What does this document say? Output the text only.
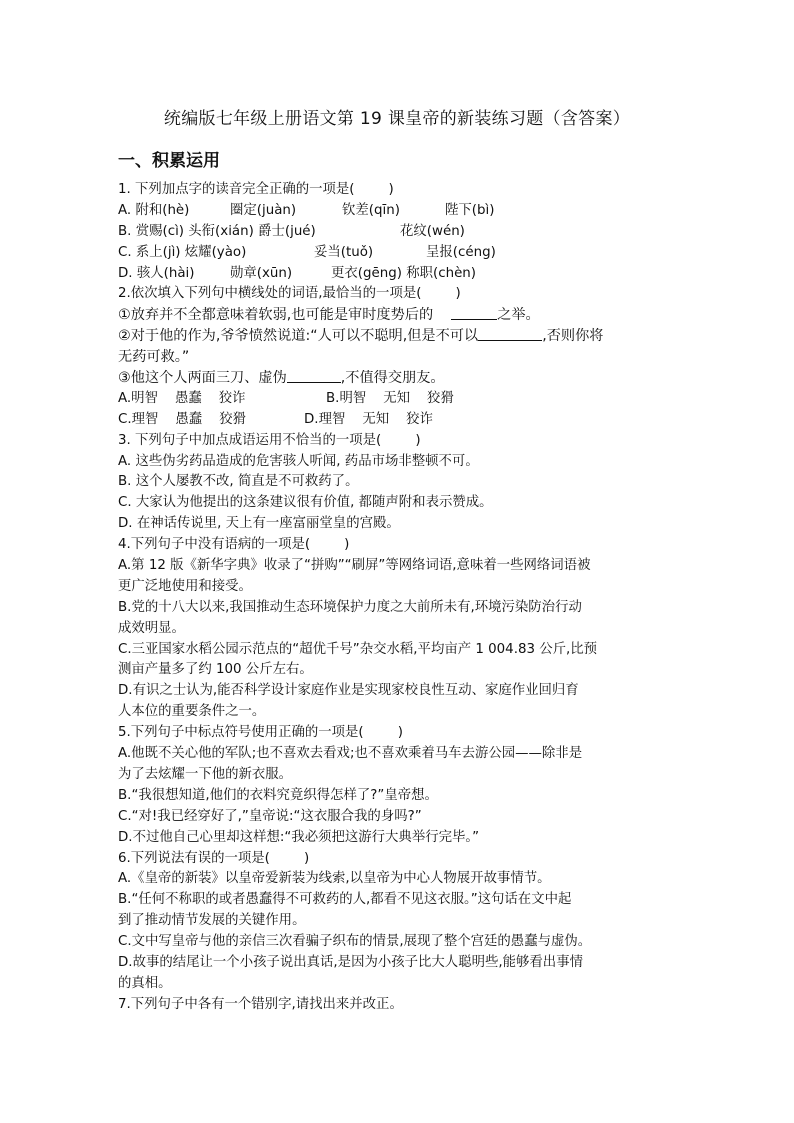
统编版七年级上册语文第 19 课皇帝的新装练习题（含答案）
一、积累运用
1. 下列加点字的读音完全正确的一项是(        )
A. 附和(hè)	圈定(juàn)	钦差(qīn)	陛下(bì)
B. 赏赐(cì) 头衔(xián) 爵士(jué)	花纹(wén)
C. 系上(jì) 炫耀(yào)	妥当(tuǒ)	呈报(céng)
D. 骇人(hài)	勋章(xūn)	更衣(gēng) 称职(chèn)
2.依次填入下列句中横线处的词语,最恰当的一项是(        )
①放弃并不全都意味着软弱,也可能是审时度势后的	之举。
②对于他的作为,爷爷愤然说道:“人可以不聪明,但是不可以	,否则你将
无药可救。”
③他这个人两面三刀、虚伪	,不值得交朋友。
A.明智    愚蠢    狡诈	B.明智    无知    狡猾
C.理智    愚蠢    狡猾	D.理智    无知    狡诈
3. 下列句子中加点成语运用不恰当的一项是(        )
A. 这些伪劣药品造成的危害骇人听闻, 药品市场非整顿不可。
B. 这个人屡教不改, 简直是不可救药了。
C. 大家认为他提出的这条建议很有价值, 都随声附和表示赞成。
D. 在神话传说里, 天上有一座富丽堂皇的宫殿。
4.下列句子中没有语病的一项是(        )
A.第 12 版《新华字典》收录了“拼购”“刷屏”等网络词语,意味着一些网络词语被
更广泛地使用和接受。
B.党的十八大以来,我国推动生态环境保护力度之大前所未有,环境污染防治行动
成效明显。
C.三亚国家水稻公园示范点的“超优千号”杂交水稻,平均亩产 1 004.83 公斤,比预
测亩产量多了约 100 公斤左右。
D.有识之士认为,能否科学设计家庭作业是实现家校良性互动、家庭作业回归育
人本位的重要条件之一。
5.下列句子中标点符号使用正确的一项是(        )
A.他既不关心他的军队;也不喜欢去看戏;也不喜欢乘着马车去游公园——除非是
为了去炫耀一下他的新衣服。
B.“我很想知道,他们的衣料究竟织得怎样了?”皇帝想。
C.“对!我已经穿好了,”皇帝说:“这衣服合我的身吗?”
D.不过他自己心里却这样想:“我必须把这游行大典举行完毕。”
6.下列说法有误的一项是(        )
A.《皇帝的新装》以皇帝爱新装为线索,以皇帝为中心人物展开故事情节。
B.“任何不称职的或者愚蠢得不可救药的人,都看不见这衣服。”这句话在文中起
到了推动情节发展的关键作用。
C.文中写皇帝与他的亲信三次看骗子织布的情景,展现了整个宫廷的愚蠢与虚伪。
D.故事的结尾让一个小孩子说出真话,是因为小孩子比大人聪明些,能够看出事情
的真相。
7.下列句子中各有一个错别字,请找出来并改正。
